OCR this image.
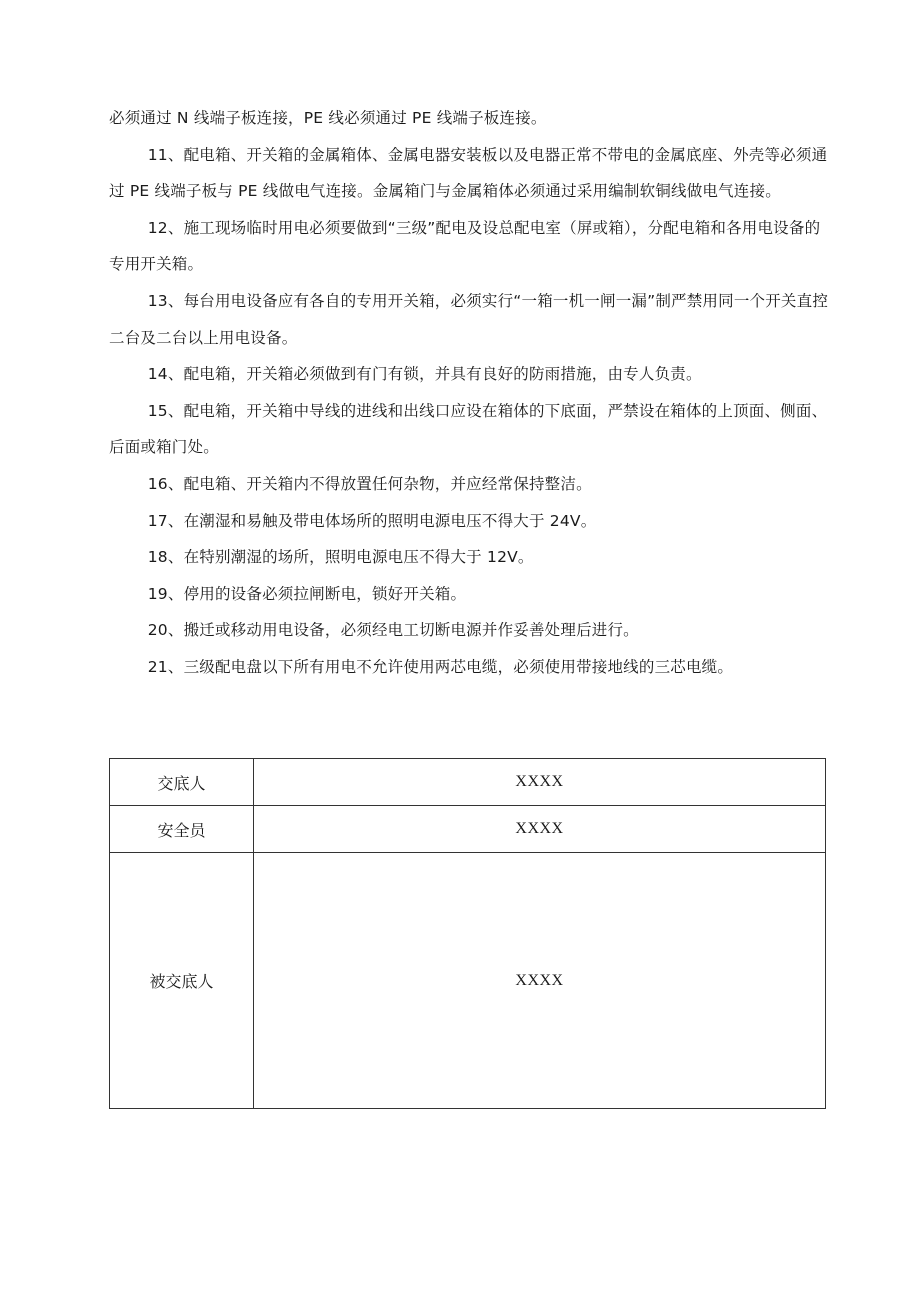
必须通过 N 线端子板连接，PE 线必须通过 PE 线端子板连接。

11、配电箱、开关箱的金属箱体、金属电器安装板以及电器正常不带电的金属底座、外壳等必须通过 PE 线端子板与 PE 线做电气连接。金属箱门与金属箱体必须通过采用编制软铜线做电气连接。

12、施工现场临时用电必须要做到“三级”配电及设总配电室（屏或箱），分配电箱和各用电设备的专用开关箱。

13、每台用电设备应有各自的专用开关箱，必须实行“一箱一机一闸一漏”制严禁用同一个开关直控二台及二台以上用电设备。

14、配电箱，开关箱必须做到有门有锁，并具有良好的防雨措施，由专人负责。

15、配电箱，开关箱中导线的进线和出线口应设在箱体的下底面，严禁设在箱体的上顶面、侧面、后面或箱门处。

16、配电箱、开关箱内不得放置任何杂物，并应经常保持整洁。

17、在潮湿和易触及带电体场所的照明电源电压不得大于 24V。

18、在特别潮湿的场所，照明电源电压不得大于 12V。

19、停用的设备必须拉闸断电，锁好开关箱。

20、搬迁或移动用电设备，必须经电工切断电源并作妥善处理后进行。

21、三级配电盘以下所有用电不允许使用两芯电缆，必须使用带接地线的三芯电缆。

交底人	XXXX
安全员	XXXX
被交底人	XXXX
